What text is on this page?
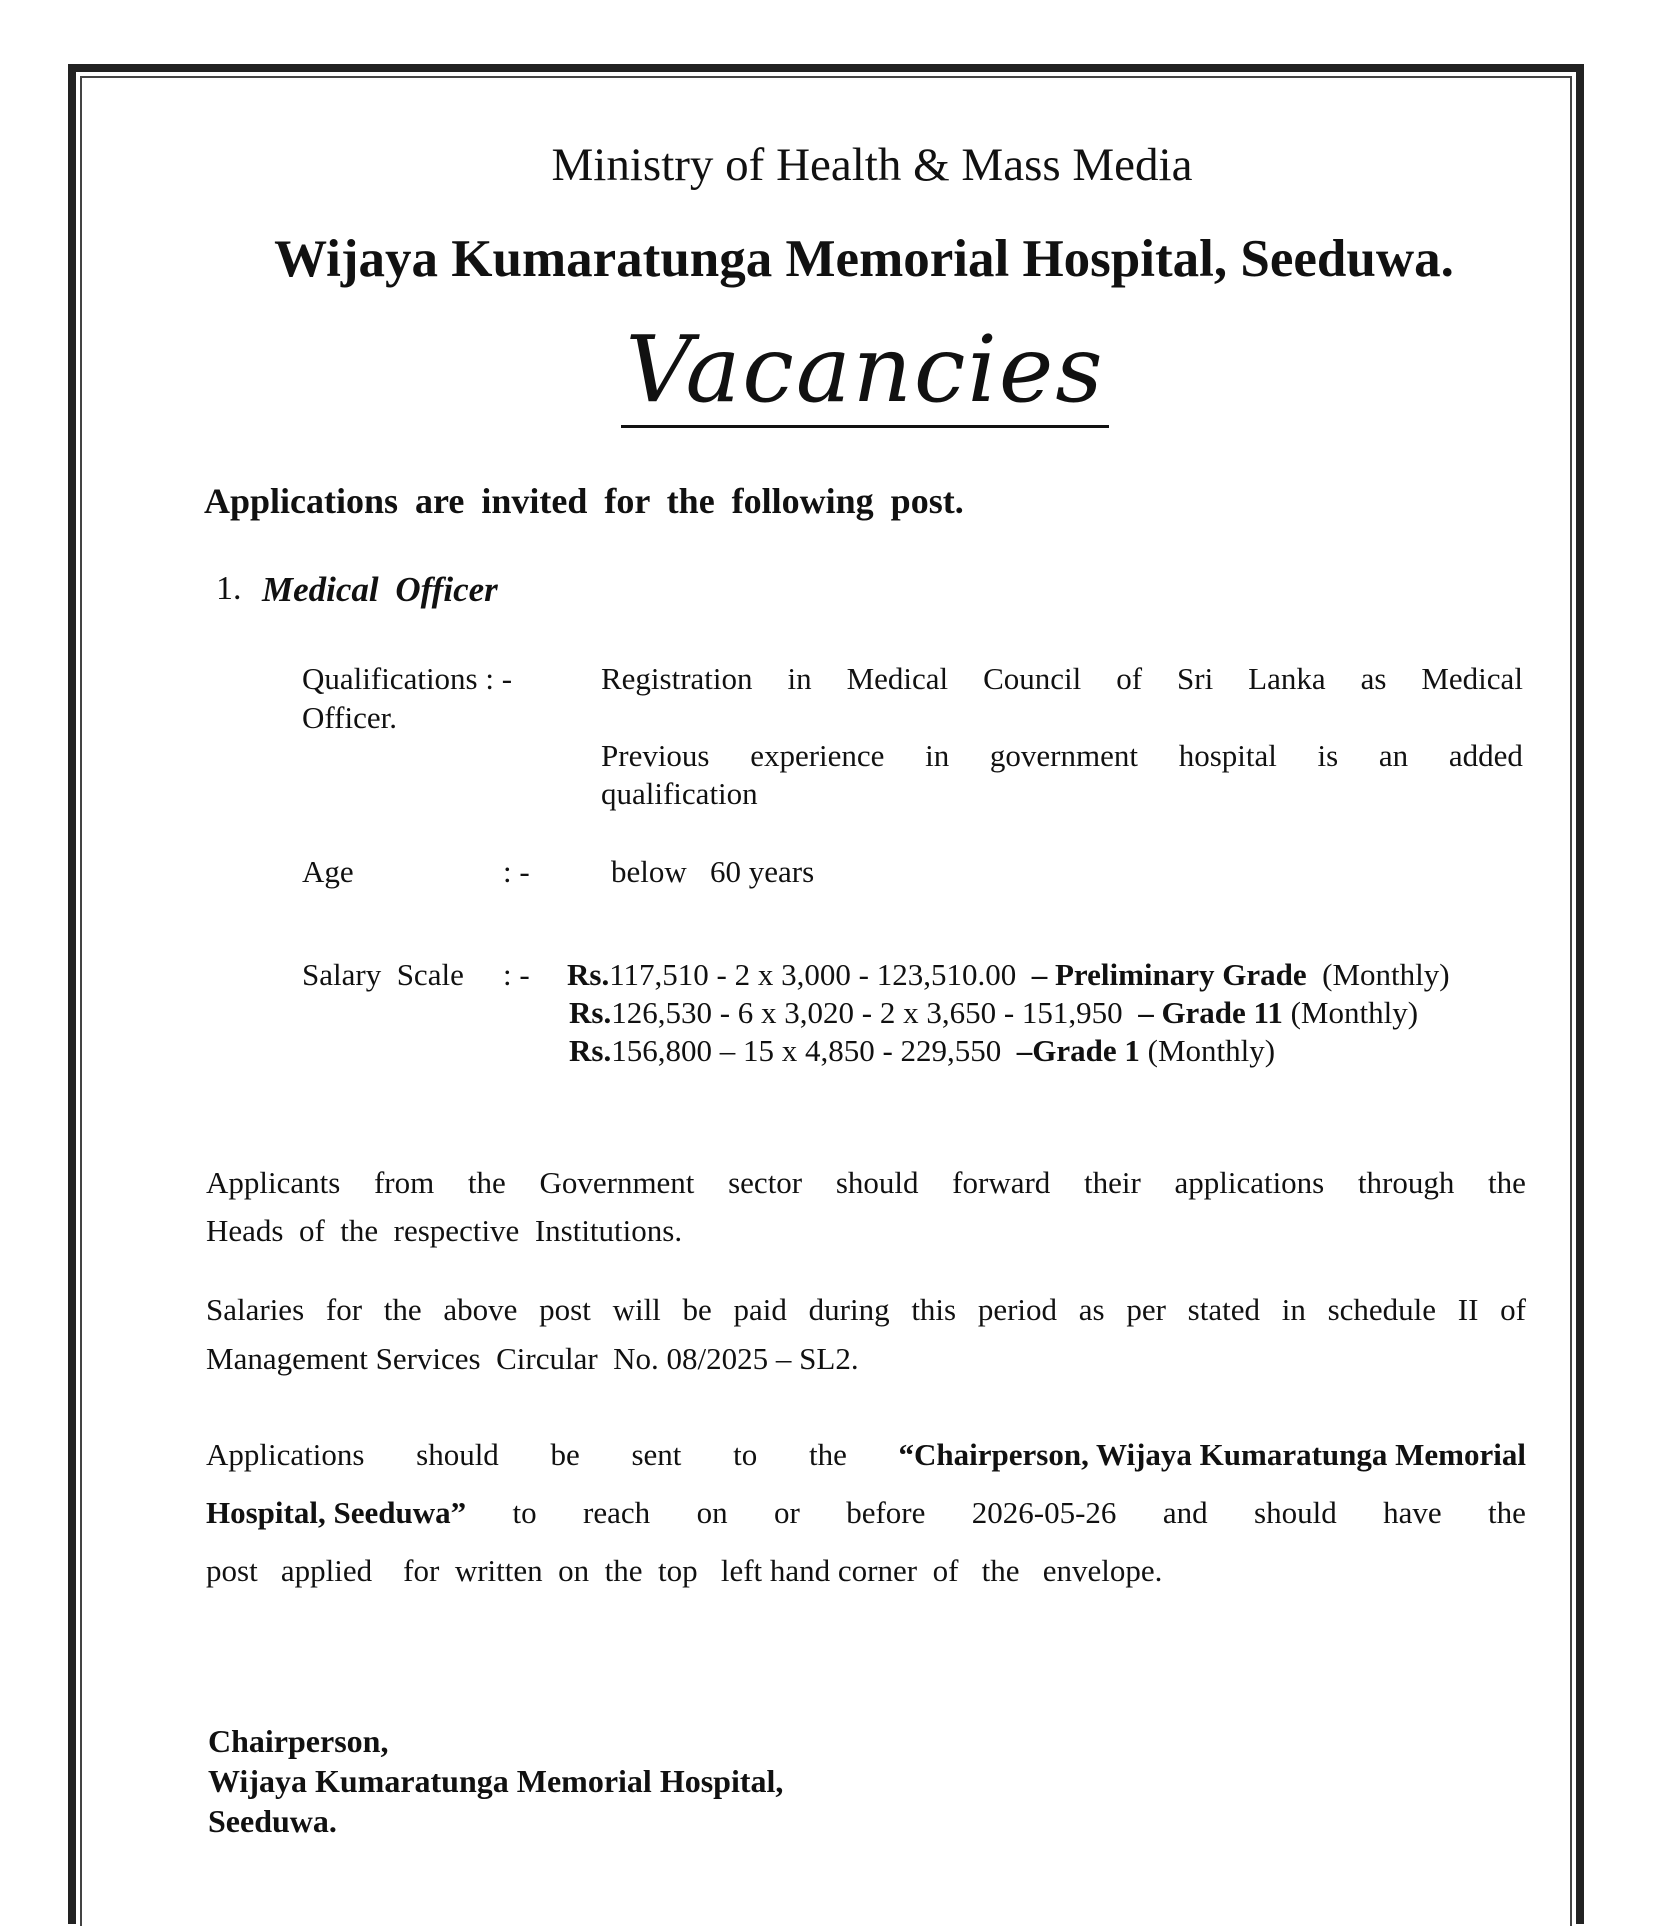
Ministry of Health & Mass Media
Wijaya Kumaratunga Memorial Hospital, Seeduwa.
Vacancies
Applications are invited for the following post.
1. Medical Officer
Qualifications : -	Registration in Medical Council of Sri Lanka as Medical
Officer.
Previous experience in government hospital is an added
qualification
Age	: -	below   60 years
Salary  Scale : - Rs.117,510 - 2 x 3,000 - 123,510.00 – Preliminary Grade (Monthly)
Rs.126,530 - 6 x 3,020 - 2 x 3,650 - 151,950 – Grade 11 (Monthly)
Rs.156,800 – 15 x 4,850 - 229,550 –Grade 1 (Monthly)
Applicants from the Government sector should forward their applications through the
Heads  of  the  respective  Institutions.
Salaries for the above post will be paid during this period as per stated in schedule II of
Management Services  Circular  No. 08/2025 – SL2.
Applications should be sent to the “Chairperson, Wijaya Kumaratunga Memorial
Hospital, Seeduwa” to reach on or before 2026-05-26 and should have the
post   applied    for  written  on  the  top   left hand corner  of   the   envelope.
Chairperson,
Wijaya Kumaratunga Memorial Hospital,
Seeduwa.
